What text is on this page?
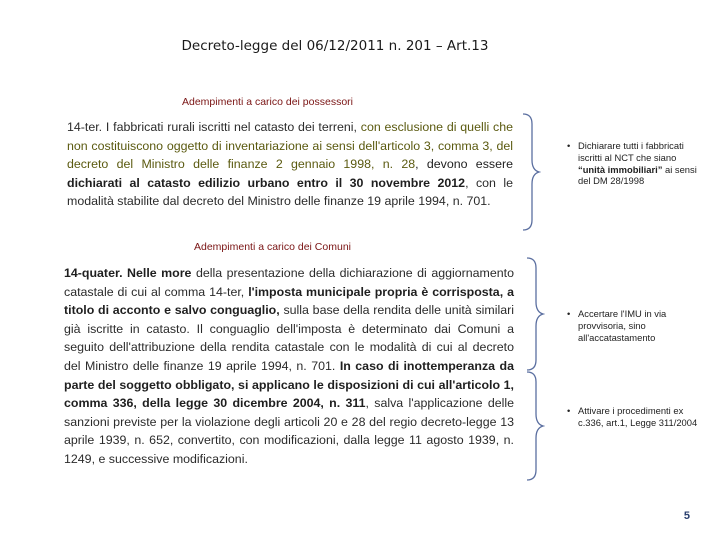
Decreto-legge del 06/12/2011 n. 201 – Art.13
Adempimenti a carico dei possessori
14-ter. I fabbricati rurali iscritti nel catasto dei terreni, con esclusione di quelli che non costituiscono oggetto di inventariazione ai sensi dell'articolo 3, comma 3, del decreto del Ministro delle finanze 2 gennaio 1998, n. 28, devono essere dichiarati al catasto edilizio urbano entro il 30 novembre 2012, con le modalità stabilite dal decreto del Ministro delle finanze 19 aprile 1994, n. 701.
• Dichiarare tutti i fabbricati iscritti al NCT che siano “unità immobiliari” ai sensi del DM 28/1998
Adempimenti a carico dei Comuni
14-quater. Nelle more della presentazione della dichiarazione di aggiornamento catastale di cui al comma 14-ter, l'imposta municipale propria è corrisposta, a titolo di acconto e salvo conguaglio, sulla base della rendita delle unità similari già iscritte in catasto. Il conguaglio dell'imposta è determinato dai Comuni a seguito dell'attribuzione della rendita catastale con le modalità di cui al decreto del Ministro delle finanze 19 aprile 1994, n. 701. In caso di inottemperanza da parte del soggetto obbligato, si applicano le disposizioni di cui all'articolo 1, comma 336, della legge 30 dicembre 2004, n. 311, salva l'applicazione delle sanzioni previste per la violazione degli articoli 20 e 28 del regio decreto-legge 13 aprile 1939, n. 652, convertito, con modificazioni, dalla legge 11 agosto 1939, n. 1249, e successive modificazioni.
• Accertare l'IMU in via provvisoria, sino all'accatastamento
• Attivare i procedimenti ex c.336, art.1, Legge 311/2004
5
